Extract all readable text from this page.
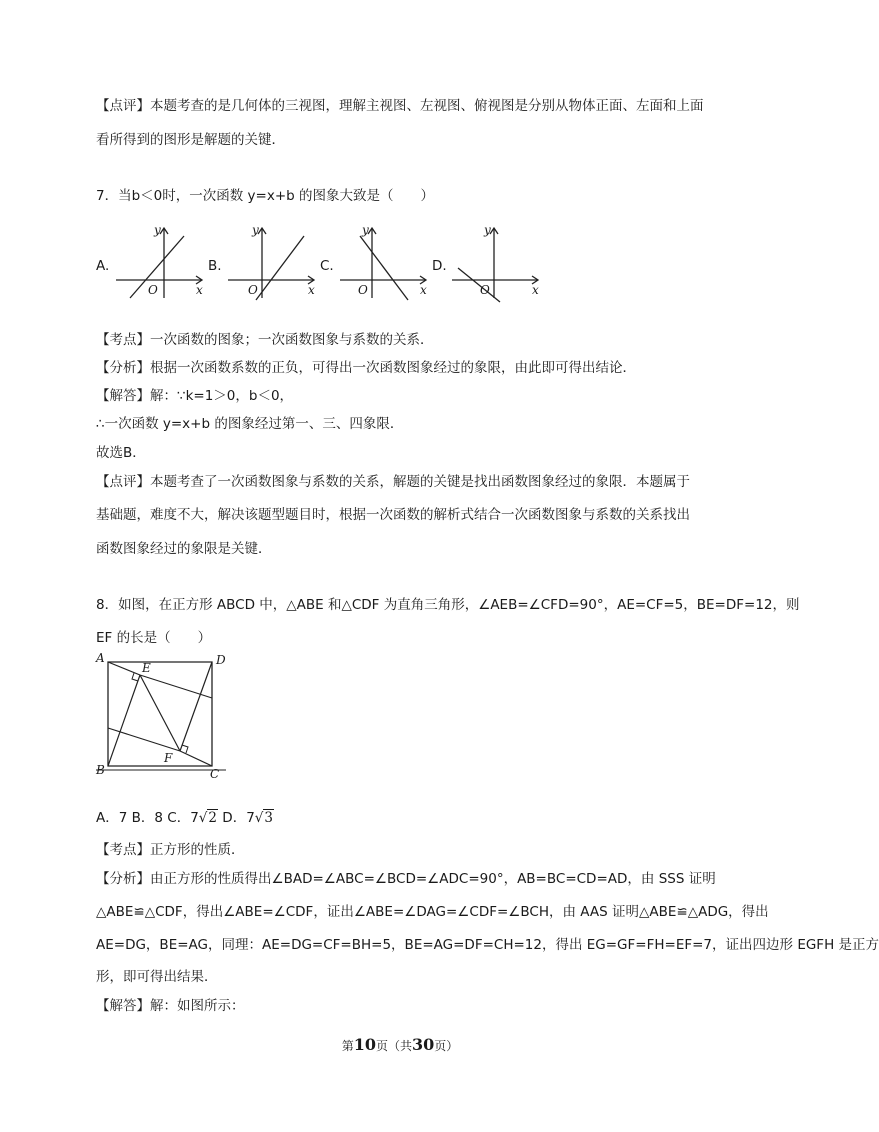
【点评】本题考查的是几何体的三视图，理解主视图、左视图、俯视图是分别从物体正面、左面和上面
看所得到的图形是解题的关键．
7．当b＜0时，一次函数 y=x+b 的图象大致是（　　）
A.
y
x
O
B.
y
x
O
C.
y
x
O
D.
y
x
O
【考点】一次函数的图象；一次函数图象与系数的关系．
【分析】根据一次函数系数的正负，可得出一次函数图象经过的象限，由此即可得出结论．
【解答】解：∵k=1＞0，b＜0，
∴一次函数 y=x+b 的图象经过第一、三、四象限．
故选B．
【点评】本题考查了一次函数图象与系数的关系，解题的关键是找出函数图象经过的象限．本题属于
基础题，难度不大，解决该题型题目时，根据一次函数的解析式结合一次函数图象与系数的关系找出
函数图象经过的象限是关键．
8．如图，在正方形 ABCD 中，△ABE 和△CDF 为直角三角形，∠AEB=∠CFD=90°，AE=CF=5，BE=DF=12，则
EF 的长是（　　）
A	D
B	C
E
F
A．7 B．8 C．7√2 D．7√3
【考点】正方形的性质．
【分析】由正方形的性质得出∠BAD=∠ABC=∠BCD=∠ADC=90°，AB=BC=CD=AD，由 SSS 证明
△ABE≌△CDF，得出∠ABE=∠CDF，证出∠ABE=∠DAG=∠CDF=∠BCH，由 AAS 证明△ABE≌△ADG，得出
AE=DG，BE=AG，同理：AE=DG=CF=BH=5，BE=AG=DF=CH=12，得出 EG=GF=FH=EF=7，证出四边形 EGFH 是正方
形，即可得出结果．
【解答】解：如图所示：
第10页（共30页）
